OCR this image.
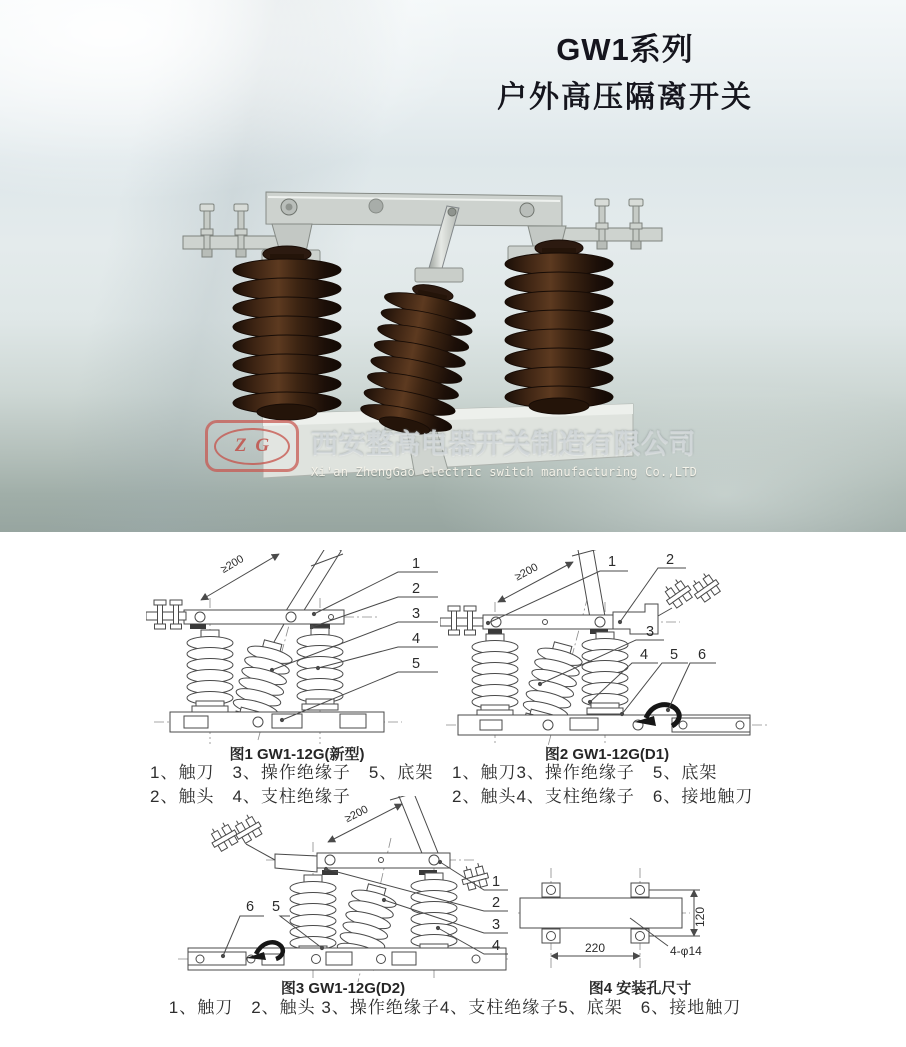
GW1系列
户外高压隔离开关
ZG 西安整高电器开关制造有限公司
Xi'an ZhengGao electric switch manufacturing Co.,LTD
≥200	1
2
3
4
5
图1 GW1-12G(新型)
1、触刀　3、操作绝缘子　5、底架
2、触头　4、支柱绝缘子
≥200	1	2
3
4 5 6
图2 GW1-12G(D1)
1、触刀3、操作绝缘子　5、底架
2、触头4、支柱绝缘子　6、接地触刀
≥200
1
2
3
4
5
6
图3 GW1-12G(D2)
1、触刀　2、触头 3、操作绝缘子4、支柱绝缘子5、底架　6、接地触刀
120
220	4-φ14
图4 安装孔尺寸
